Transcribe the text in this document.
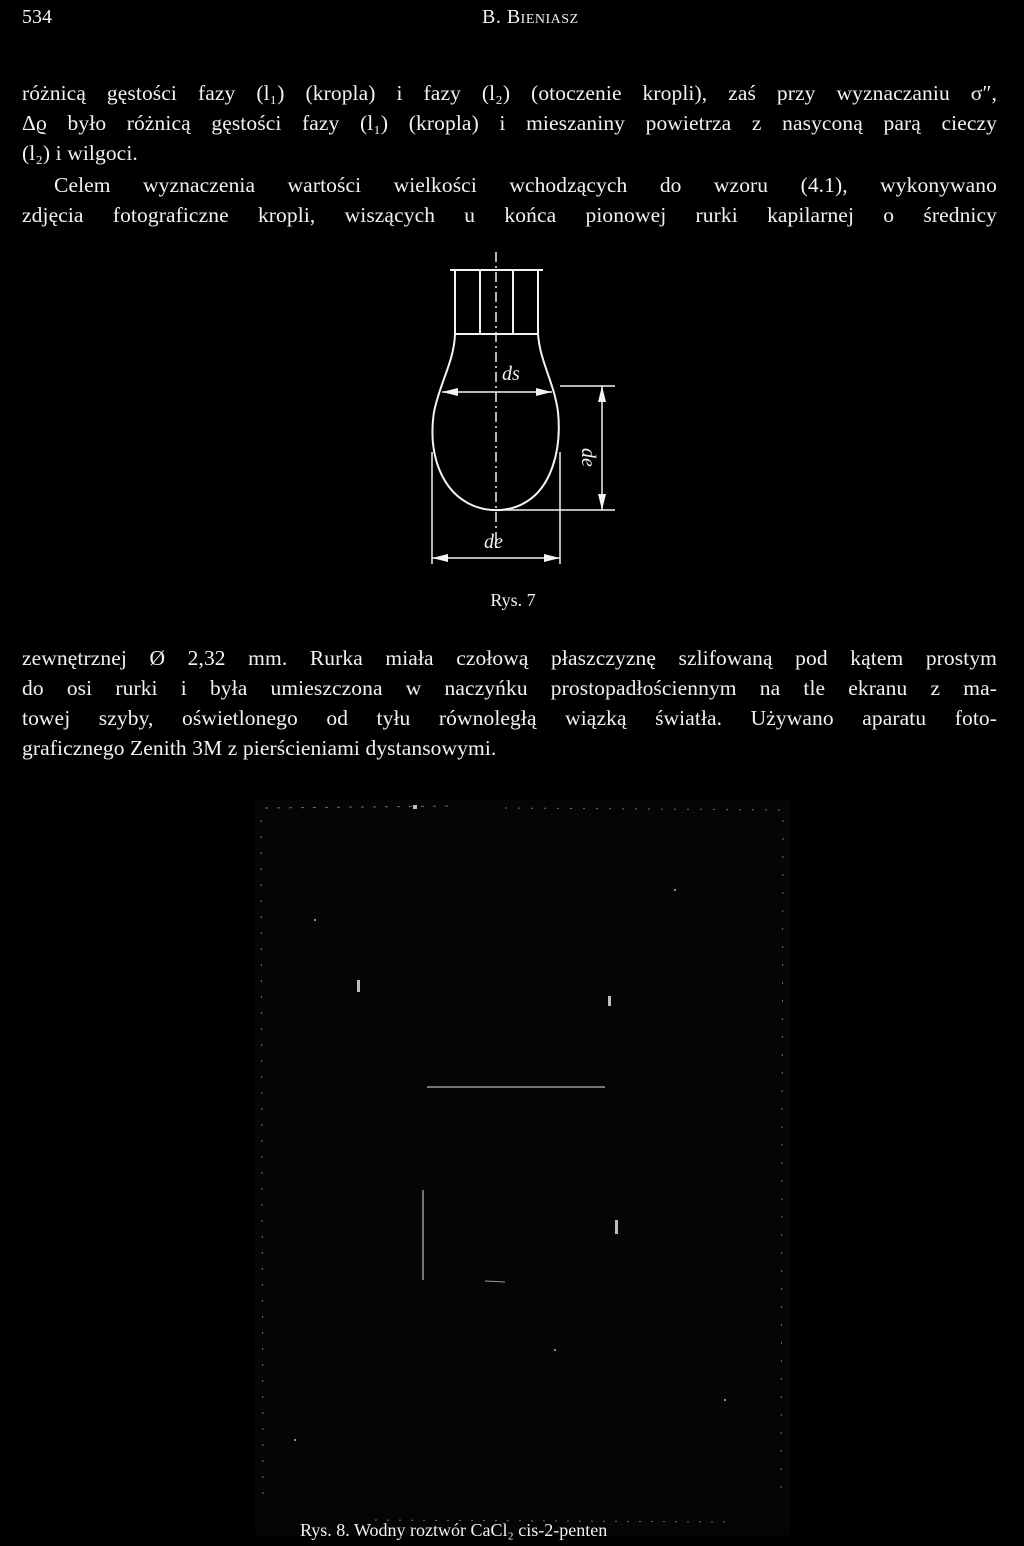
534	B. Bieniasz

różnicą gęstości fazy (l₁) (kropla) i fazy (l₂) (otoczenie kropli), zaś przy wyznaczaniu σ″,
Δϱ było różnicą gęstości fazy (l₁) (kropla) i mieszaniny powietrza z nasyconą parą cieczy
(l₂) i wilgoci.

Celem wyznaczenia wartości wielkości wchodzących do wzoru (4.1), wykonywano
zdjęcia fotograficzne kropli, wiszących u końca pionowej rurki kapilarnej o średnicy

ds
de
de
Rys. 7

zewnętrznej Ø 2,32 mm. Rurka miała czołową płaszczyznę szlifowaną pod kątem prostym
do osi rurki i była umieszczona w naczyńku prostopadłościennym na tle ekranu z ma-
towej szyby, oświetlonego od tyłu równoległą wiązką światła. Używano aparatu foto-
graficznego Zenith 3M z pierścieniami dystansowymi.

Rys. 8. Wodny roztwór CaCl₂ cis-2-penten
